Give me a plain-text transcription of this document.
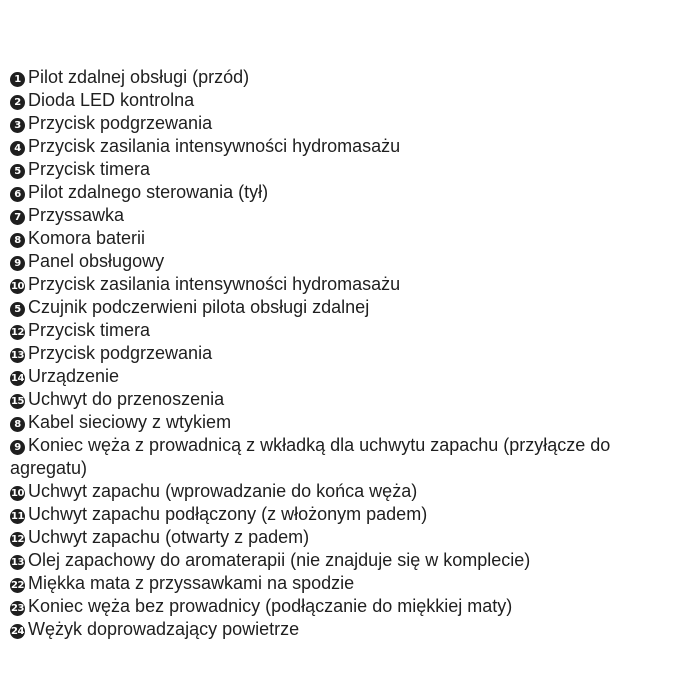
1 Pilot zdalnej obsługi (przód)

2 Dioda LED kontrolna

3 Przycisk podgrzewania

4 Przycisk zasilania intensywności hydromasażu

5 Przycisk timera

6 Pilot zdalnego sterowania (tył)

7 Przyssawka

8 Komora baterii

9 Panel obsługowy

10 Przycisk zasilania intensywności hydromasażu

5 Czujnik podczerwieni pilota obsługi zdalnej

12 Przycisk timera

13 Przycisk podgrzewania

14 Urządzenie

15 Uchwyt do przenoszenia

8 Kabel sieciowy z wtykiem

9 Koniec węża z prowadnicą z wkładką dla uchwytu zapachu (przyłącze do agregatu)

10 Uchwyt zapachu (wprowadzanie do końca węża)

11 Uchwyt zapachu podłączony (z włożonym padem)

12 Uchwyt zapachu (otwarty z padem)

13 Olej zapachowy do aromaterapii (nie znajduje się w komplecie)

22 Miękka mata z przyssawkami na spodzie

23 Koniec węża bez prowadnicy (podłączanie do miękkiej maty)

24 Wężyk doprowadzający powietrze
